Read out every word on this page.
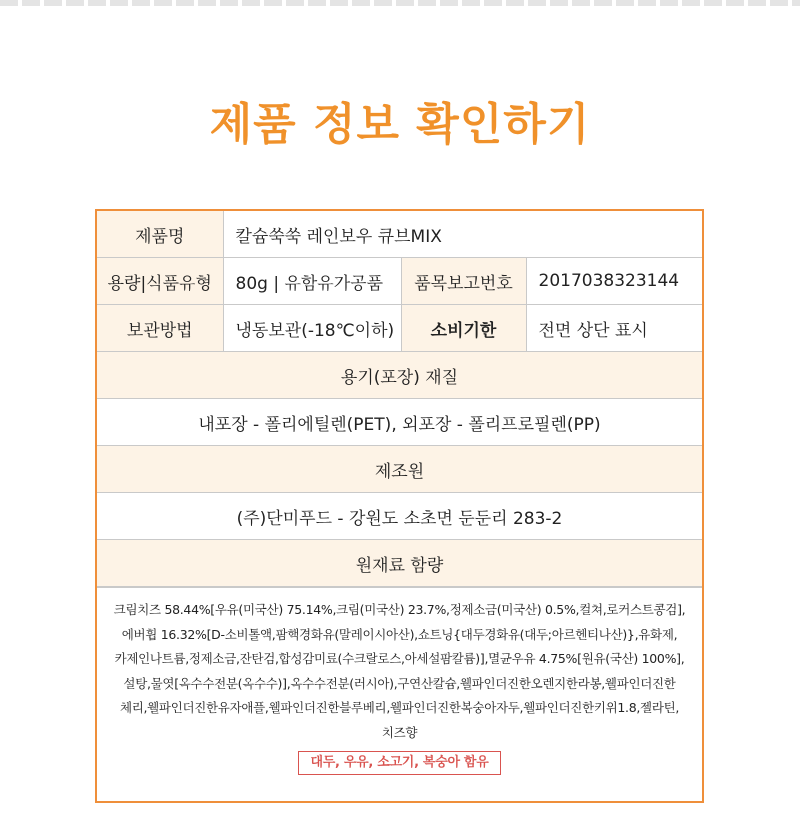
제품 정보 확인하기
제품명	칼슘쑥쑥 레인보우 큐브MIX		
용량|식품유형	80g | 유함유가공품	품목보고번호	2017038323144
보관방법	냉동보관(-18℃이하)	소비기한	전면 상단 표시
용기(포장) 재질			
내포장 - 폴리에틸렌(PET), 외포장 - 폴리프로필렌(PP)			
제조원			
(주)단미푸드 - 강원도 소초면 둔둔리 283-2			
원재료 함량			
크림치즈 58.44%[우유(미국산) 75.14%,크림(미국산) 23.7%,정제소금(미국산) 0.5%,컬쳐,로커스트콩검],
에버휩 16.32%[D-소비톨액,팜핵경화유(말레이시아산),쇼트닝{대두경화유(대두;아르헨티나산)},유화제,
카제인나트륨,정제소금,잔탄검,합성감미료(수크랄로스,아세설팜칼륨)],멸균우유 4.75%[원유(국산) 100%],
설탕,물엿[옥수수전분(옥수수)],옥수수전분(러시아),구연산칼슘,웰파인더진한오렌지한라봉,웰파인더진한
체리,웰파인더진한유자애플,웰파인더진한블루베리,웰파인더진한복숭아자두,웰파인더진한키위1.8,젤라틴,
치즈향
대두, 우유, 소고기, 복숭아 함유
